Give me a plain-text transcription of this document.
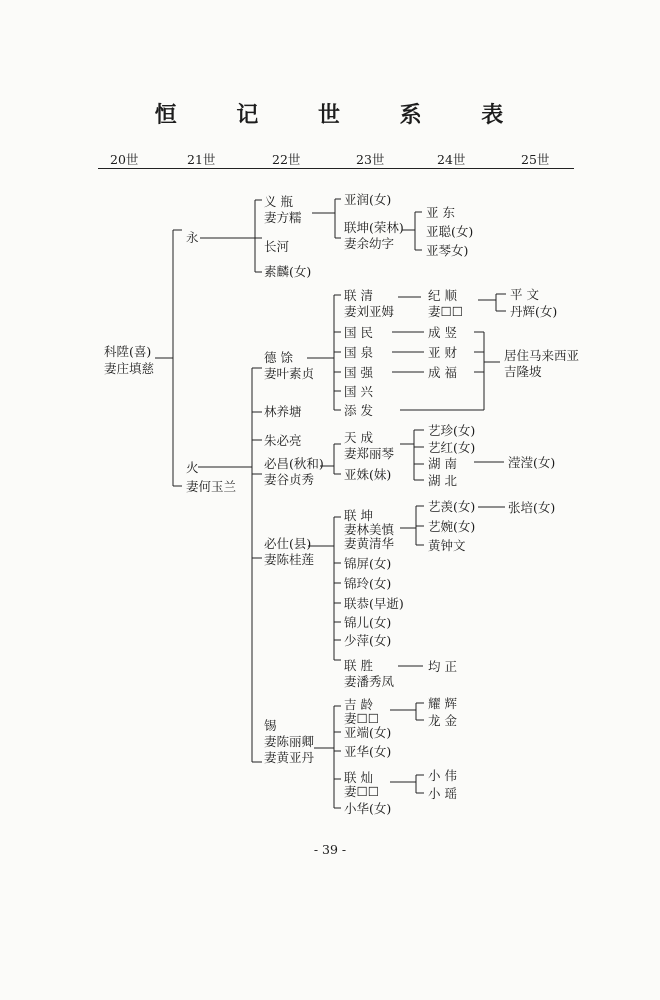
恒 记 世 系 表
20世	21世	22世	23世	24世	25世
科陞(喜)
妻庄填慈
永
火
妻何玉兰
义 瓶
妻方糯
长河
素麟(女)
德 馀
妻叶素贞
林养塘
朱必亮
必昌(秋和)
妻谷贞秀
必仕(县)
妻陈桂莲
锡
妻陈丽卿
妻黄亚丹
亚润(女)
联坤(荣林)
妻余幼字
联 清
妻刘亚姆
国 民
国 泉
国 强
国 兴
添 发
天 成
妻郑丽琴
亚姝(妹)
联 坤
妻林美慎
妻黄清华
锦屏(女)
锦玲(女)
联恭(早逝)
锦儿(女)
少萍(女)
联 胜
妻潘秀凤
吉 龄
妻☐☐
亚端(女)
亚华(女)
联 灿
妻☐☐
小华(女)
亚 东
亚聪(女)
亚琴女)
纪 顺
妻☐☐
成 竖
亚 财
成 福
艺珍(女)
艺红(女)
湖 南
湖 北
艺羡(女)
艺婉(女)
黄钟文
均 正
耀 辉
龙 金
小 伟
小 瑶
平 文
丹辉(女)
居住马来西亚
吉隆坡
滢滢(女)
张培(女)
- 39 -
